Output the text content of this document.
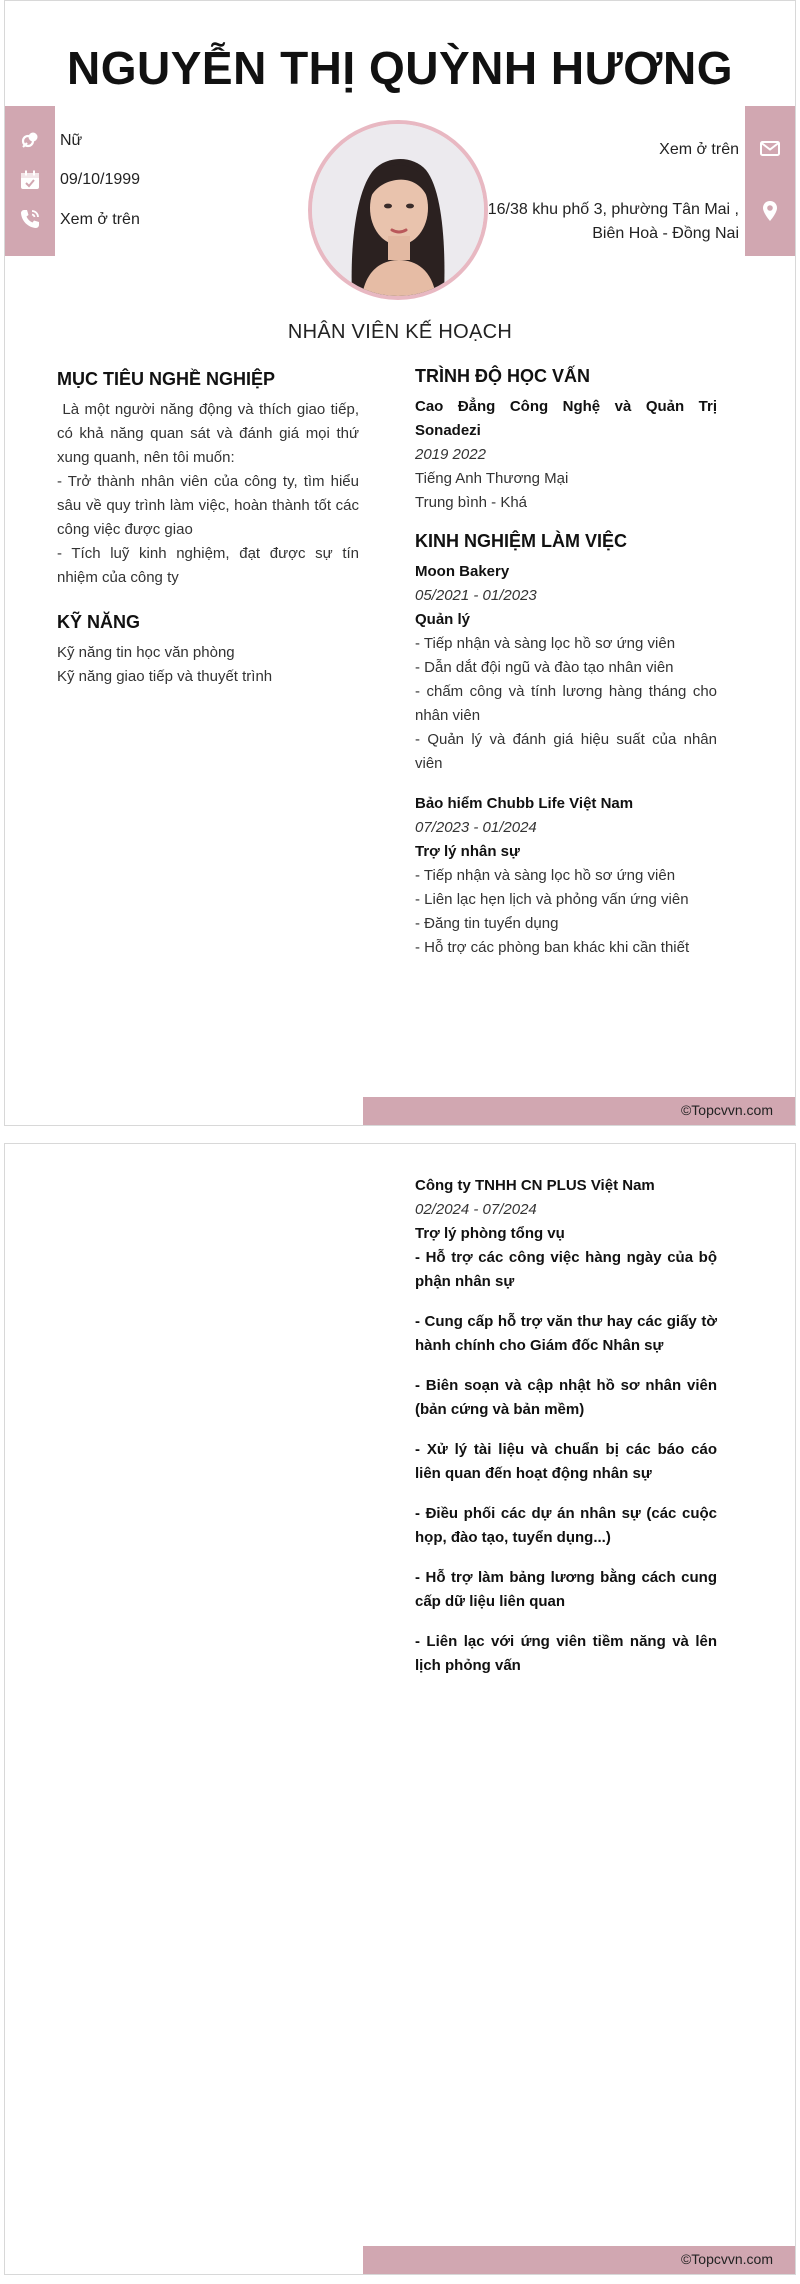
NGUYỄN THỊ QUỲNH HƯƠNG
Nữ
09/10/1999
Xem ở trên
Xem ở trên
16/38 khu phố 3, phường Tân Mai ,
Biên Hoà - Đồng Nai
NHÂN VIÊN KẾ HOẠCH
MỤC TIÊU NGHỀ NGHIỆP

Là một người năng động và thích giao tiếp, có khả năng quan sát và đánh giá mọi thứ xung quanh, nên tôi muốn:

- Trở thành nhân viên của công ty, tìm hiểu sâu về quy trình làm việc, hoàn thành tốt các công việc được giao

- Tích luỹ kinh nghiệm, đạt được sự tín nhiệm của công ty

KỸ NĂNG
Kỹ năng tin học văn phòng
Kỹ năng giao tiếp và thuyết trình
TRÌNH ĐỘ HỌC VẤN
Cao Đẳng Công Nghệ và Quản Trị Sonadezi
2019 2022
Tiếng Anh Thương Mại
Trung bình - Khá
KINH NGHIỆM LÀM VIỆC
Moon Bakery
05/2021 - 01/2023
Quản lý
- Tiếp nhận và sàng lọc hồ sơ ứng viên
- Dẫn dắt đội ngũ và đào tạo nhân viên
- chấm công và tính lương hàng tháng cho nhân viên
- Quản lý và đánh giá hiệu suất của nhân viên
Bảo hiểm Chubb Life Việt Nam
07/2023 - 01/2024
Trợ lý nhân sự
- Tiếp nhận và sàng lọc hồ sơ ứng viên
- Liên lạc hẹn lịch và phỏng vấn ứng viên
- Đăng tin tuyển dụng
- Hỗ trợ các phòng ban khác khi cần thiết
©Topcvvn.com
Công ty TNHH CN PLUS Việt Nam
02/2024 - 07/2024
Trợ lý phòng tổng vụ
- Hỗ trợ các công việc hàng ngày của bộ phận nhân sự
- Cung cấp hỗ trợ văn thư hay các giấy tờ hành chính cho Giám đốc Nhân sự
- Biên soạn và cập nhật hồ sơ nhân viên (bản cứng và bản mềm)
- Xử lý tài liệu và chuẩn bị các báo cáo liên quan đến hoạt động nhân sự
- Điều phối các dự án nhân sự (các cuộc họp, đào tạo, tuyển dụng...)
- Hỗ trợ làm bảng lương bằng cách cung cấp dữ liệu liên quan
- Liên lạc với ứng viên tiềm năng và lên lịch phỏng vấn
©Topcvvn.com
